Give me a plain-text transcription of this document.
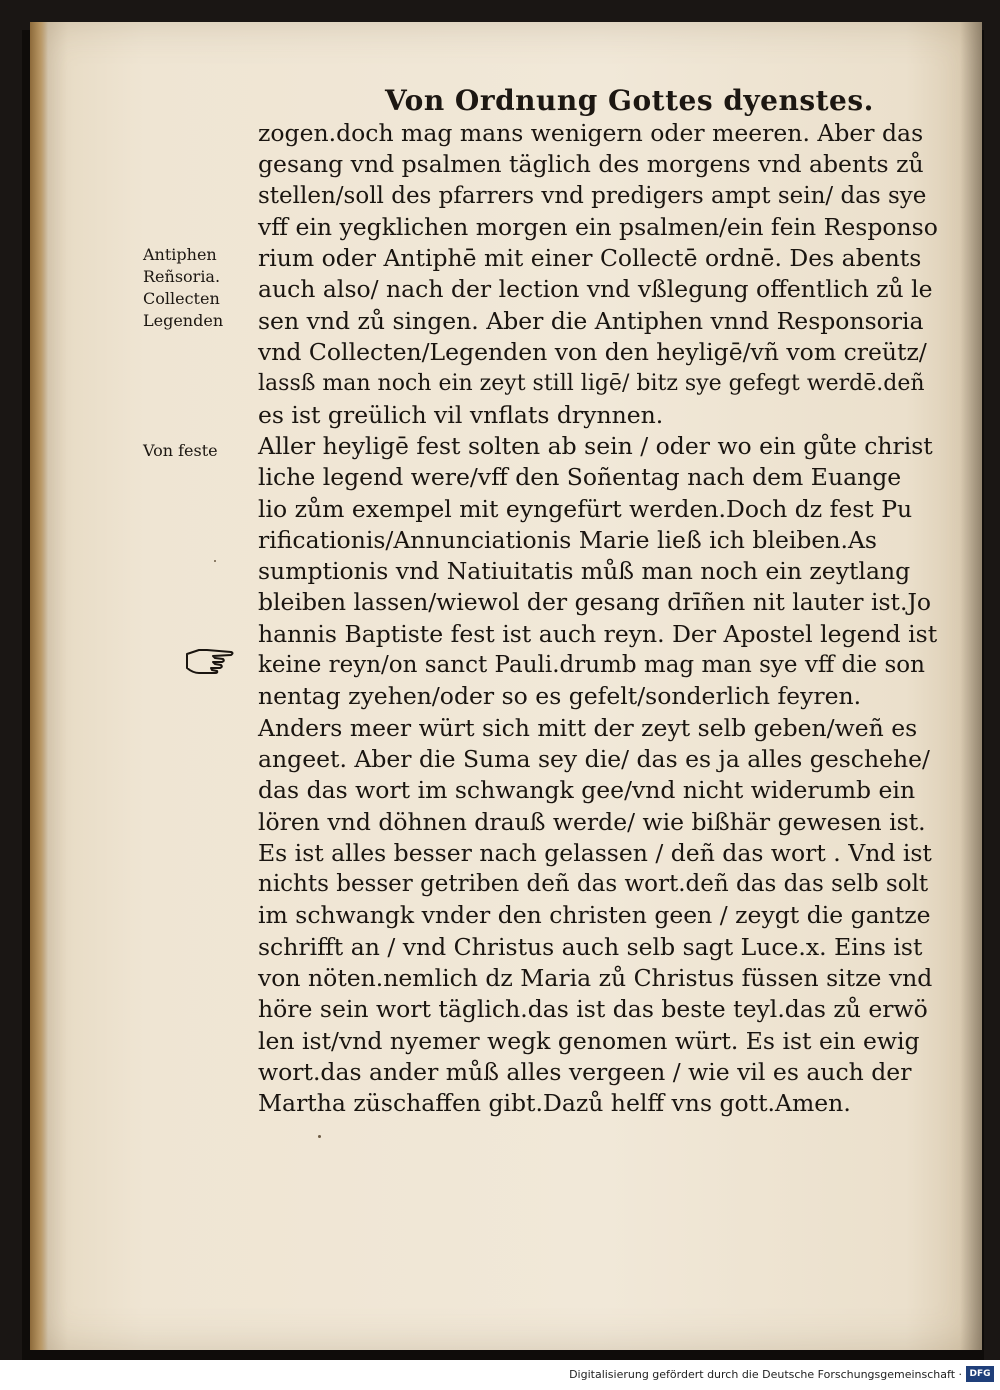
Von Ordnung Gottes dyenstes.
Antiphen
Reñsoria.
Collecten
Legenden
Von feste
zogen.doch mag mans wenigern oder meeren. Aber das
gesang vnd psalmen täglich des morgens vnd abents zů
stellen/soll des pfarrers vnd predigers ampt sein/ das sye
vff ein yegklichen morgen ein psalmen/ein fein Responso
rium oder Antiphē mit einer Collectē ordnē. Des abents
auch also/ nach der lection vnd vßlegung offentlich zů le
sen vnd zů singen. Aber die Antiphen vnnd Responsoria
vnd Collecten/Legenden von den heyligē/vñ vom creütz/
lassß man noch ein zeyt still ligē/ bitz sye gefegt werdē.deñ
es ist greülich vil vnflats drynnen.
Aller heyligē fest solten ab sein / oder wo ein gůte christ
liche legend were/vff den Soñentag nach dem Euange
lio zům exempel mit eyngefürt werden.Doch dz fest Pu
rificationis/Annunciationis Marie ließ ich bleiben.As
sumptionis vnd Natiuitatis můß man noch ein zeytlang
bleiben lassen/wiewol der gesang drīñen nit lauter ist.Jo
hannis Baptiste fest ist auch reyn. Der Apostel legend ist
keine reyn/on sanct Pauli.drumb mag man sye vff die son
nentag zyehen/oder so es gefelt/sonderlich feyren.
Anders meer würt sich mitt der zeyt selb geben/weñ es
angeet. Aber die Suma sey die/ das es ja alles geschehe/
das das wort im schwangk gee/vnd nicht widerumb ein
lören vnd döhnen drauß werde/ wie bißhär gewesen ist.
Es ist alles besser nach gelassen / deñ das wort . Vnd ist
nichts besser getriben deñ das wort.deñ das das selb solt
im schwangk vnder den christen geen / zeygt die gantze
schrifft an / vnd Christus auch selb sagt Luce.x. Eins ist
von nöten.nemlich dz Maria zů Christus füssen sitze vnd
höre sein wort täglich.das ist das beste teyl.das zů erwö
len ist/vnd nyemer wegk genomen würt. Es ist ein ewig
wort.das ander můß alles vergeen / wie vil es auch der
Martha züschaffen gibt.Dazů helff vns gott.Amen.
Digitalisierung gefördert durch die Deutsche Forschungsgemeinschaft · DFG
